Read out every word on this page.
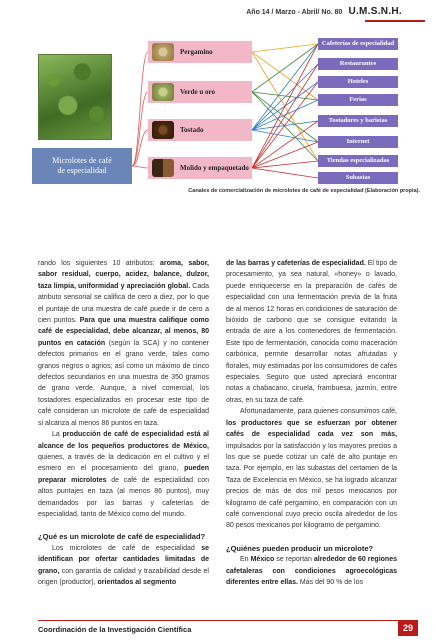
Año 14 / Marzo - Abril/ No. 80 U.M.S.N.H.
Microlotes de café
de especialidad
Pergamino
Verde u oro
Tostado
Molido y empaquetado
Cafeterías de especialidad
Restaurantes
Hoteles
Ferias
Tostadores y baristas
Internet
Tiendas especializadas
Subastas
Canales de comercialización de microlotes de café de especialidad (Elaboración propia).

rando los siguientes 10 atributos: aroma, sabor, sabor residual, cuerpo, acidez, balance, dulzor, taza limpia, uniformidad y apreciación global. Cada atributo sensorial se califica de cero a diez, por lo que el puntaje de una muestra de café puede ir de cero a cien puntos. Para que una muestra califique como café de especialidad, debe alcanzar, al menos, 80 puntos en catación (según la SCA) y no contener defectos primarios en el grano verde, tales como granos negros o agrios; así como un máximo de cinco defectos secundarios en una muestra de 350 gramos de grano verde. Aunque, a nivel comercial, los tostadores especializados en procesar este tipo de café consideran un microlote de café de especialidad si alcanza al menos 86 puntos en taza.

La producción de café de especialidad está al alcance de los pequeños productores de México, quienes, a través de la dedicación en el cultivo y el esmero en el procesamiento del grano, pueden preparar microlotes de café de especialidad con altos puntajes en taza (al menos 86 puntos), muy demandados por las barras y cafeterías de especialidad, tanto de México como del mundo.

¿Qué es un microlote de café de especialidad?

Los microlotes de café de especialidad se identifican por ofertar cantidades limitadas de grano, con garantía de calidad y trazabilidad desde el origen (productor), orientados al segmento

de las barras y cafeterías de especialidad. El tipo de procesamiento, ya sea natural, «honey» o lavado, puede enriquecerse en la preparación de cafés de especialidad con una fermentación previa de la fruta de al menos 12 horas en condiciones de saturación de bióxido de carbono que se consigue evitando la entrada de aire a los contenedores de fermentación. Este tipo de fermentación, conocida como maceración carbónica, permite desarrollar notas afrutadas y florales, muy estimadas por los consumidores de cafés especiales. Seguro que usted apreciará encontrar notas a chabacano, ciruela, frambuesa, jazmín, entre otras, en su taza de café.

Afortunadamente, para quienes consumimos café, los productores que se esfuerzan por obtener cafés de especialidad cada vez son más, impulsados por la satisfacción y los mayores precios a los que se puede cotizar un café de alto puntaje en taza. Por ejemplo, en las subastas del certamen de la Taza de Excelencia en México, se ha logrado alcanzar precios de más de dos mil pesos mexicanos por kilogramo de café pergamino, en comparación con un café convencional cuyo precio oscila alrededor de los 80 pesos mexicanos por kilogramo de pergamino.

¿Quiénes pueden producir un microlote?

En México se reportan alrededor de 60 regiones cafetaleras con condiciones agroecológicas diferentes entre ellas. Más del 90 % de los

Coordinación de la Investigación Científica	29
